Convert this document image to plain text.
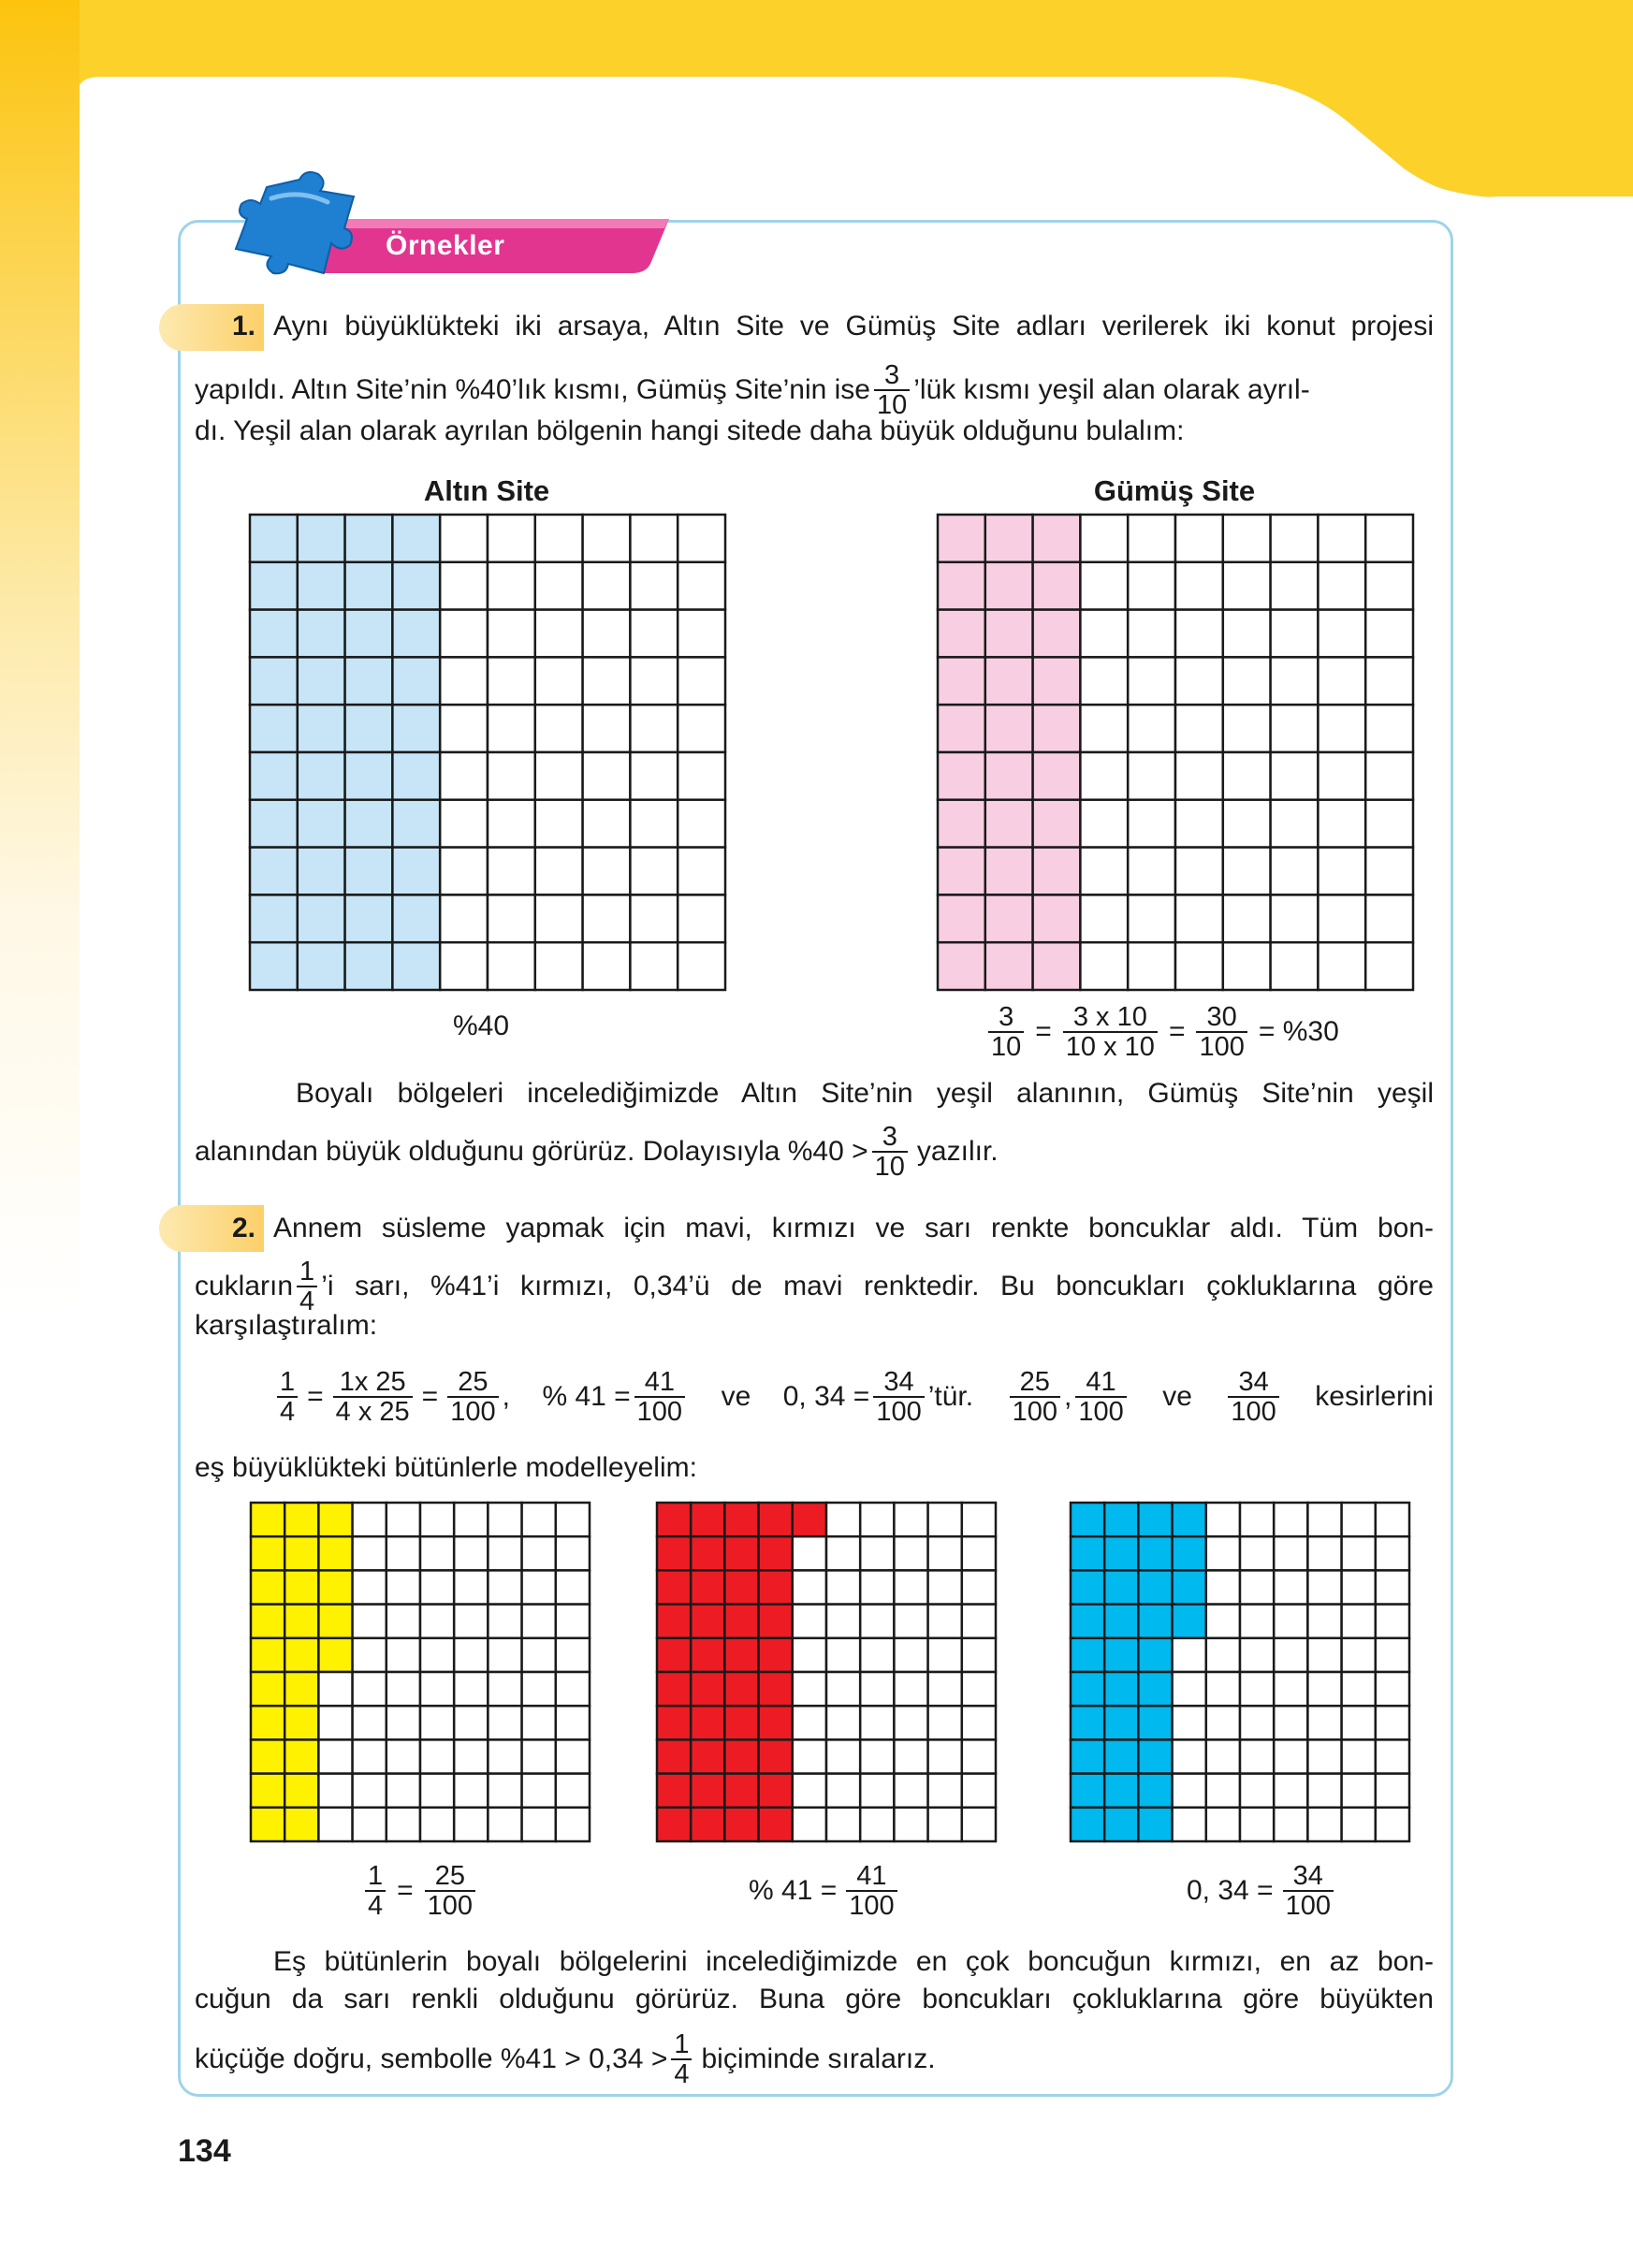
Örnekler
1. Aynı büyüklükteki iki arsaya, Altın Site ve Gümüş Site adları verilerek iki konut projesi
yapıldı. Altın Site’nin %40’lık kısmı, Gümüş Site’nin ise $\frac{3}{10}$ ’lük kısmı yeşil alan olarak ayrıl-
dı. Yeşil alan olarak ayrılan bölgenin hangi sitede daha büyük olduğunu bulalım:
Altın Site	Gümüş Site
%40	$\frac{3}{10} = \frac{3 x 10}{10 x 10} = \frac{30}{100} = \%30$
Boyalı bölgeleri incelediğimizde Altın Site’nin yeşil alanının, Gümüş Site’nin yeşil
alanından büyük olduğunu görürüz. Dolayısıyla $\%40 > \frac{3}{10}$ yazılır.
2. Annem süsleme yapmak için mavi, kırmızı ve sarı renkte boncuklar aldı. Tüm bon-
cukların $\frac{1}{4}$ ’i sarı, %41’i kırmızı, 0,34’ü de mavi renktedir. Bu boncukları çokluklarına göre
karşılaştıralım:
$\frac{1}{4} = \frac{1x 25}{4 x 25} = \frac{25}{100}$ , % $41 = \frac{41}{100}$ ve 0, $34 = \frac{34}{100}$ ’tür. $\frac{25}{100}$ , $\frac{41}{100}$ ve $\frac{34}{100}$ kesirlerini
eş büyüklükteki bütünlerle modelleyelim:
$\frac{1}{4} = \frac{25}{100}$	% $41 = \frac{41}{100}$	0, $34 = \frac{34}{100}$
Eş bütünlerin boyalı bölgelerini incelediğimizde en çok boncuğun kırmızı, en az bon-
cuğun da sarı renkli olduğunu görürüz. Buna göre boncukları çokluklarına göre büyükten
küçüğe doğru, sembolle $\%41 > 0,34 > \frac{1}{4}$ biçiminde sıralarız.
134
